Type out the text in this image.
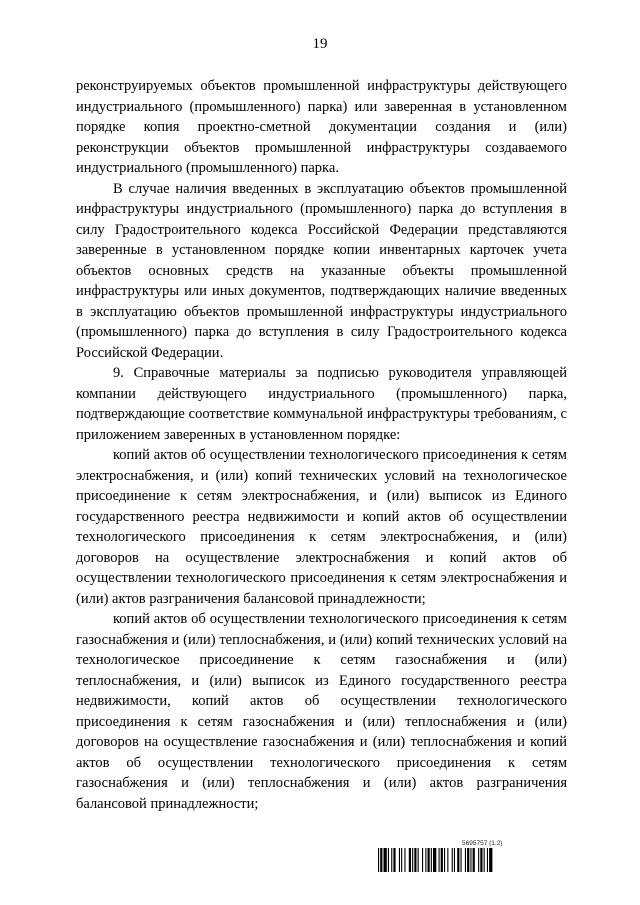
19

реконструируемых объектов промышленной инфраструктуры действующего индустриального (промышленного) парка) или заверенная в установленном порядке копия проектно-сметной документации создания и (или) реконструкции объектов промышленной инфраструктуры создаваемого индустриального (промышленного) парка.

В случае наличия введенных в эксплуатацию объектов промышленной инфраструктуры индустриального (промышленного) парка до вступления в силу Градостроительного кодекса Российской Федерации представляются заверенные в установленном порядке копии инвентарных карточек учета объектов основных средств на указанные объекты промышленной инфраструктуры или иных документов, подтверждающих наличие введенных в эксплуатацию объектов промышленной инфраструктуры индустриального (промышленного) парка до вступления в силу Градостроительного кодекса Российской Федерации.

9. Справочные материалы за подписью руководителя управляющей компании действующего индустриального (промышленного) парка, подтверждающие соответствие коммунальной инфраструктуры требованиям, с приложением заверенных в установленном порядке:

копий актов об осуществлении технологического присоединения к сетям электроснабжения, и (или) копий технических условий на технологическое присоединение к сетям электроснабжения, и (или) выписок из Единого государственного реестра недвижимости и копий актов об осуществлении технологического присоединения к сетям электроснабжения, и (или) договоров на осуществление электроснабжения и копий актов об осуществлении технологического присоединения к сетям электроснабжения и (или) актов разграничения балансовой принадлежности;

копий актов об осуществлении технологического присоединения к сетям газоснабжения и (или) теплоснабжения, и (или) копий технических условий на технологическое присоединение к сетям газоснабжения и (или) теплоснабжения, и (или) выписок из Единого государственного реестра недвижимости, копий актов об осуществлении технологического присоединения к сетям газоснабжения и (или) теплоснабжения и (или) договоров на осуществление газоснабжения и (или) теплоснабжения и копий актов об осуществлении технологического присоединения к сетям газоснабжения и (или) теплоснабжения и (или) актов разграничения балансовой принадлежности;

5695757 (1.2)
